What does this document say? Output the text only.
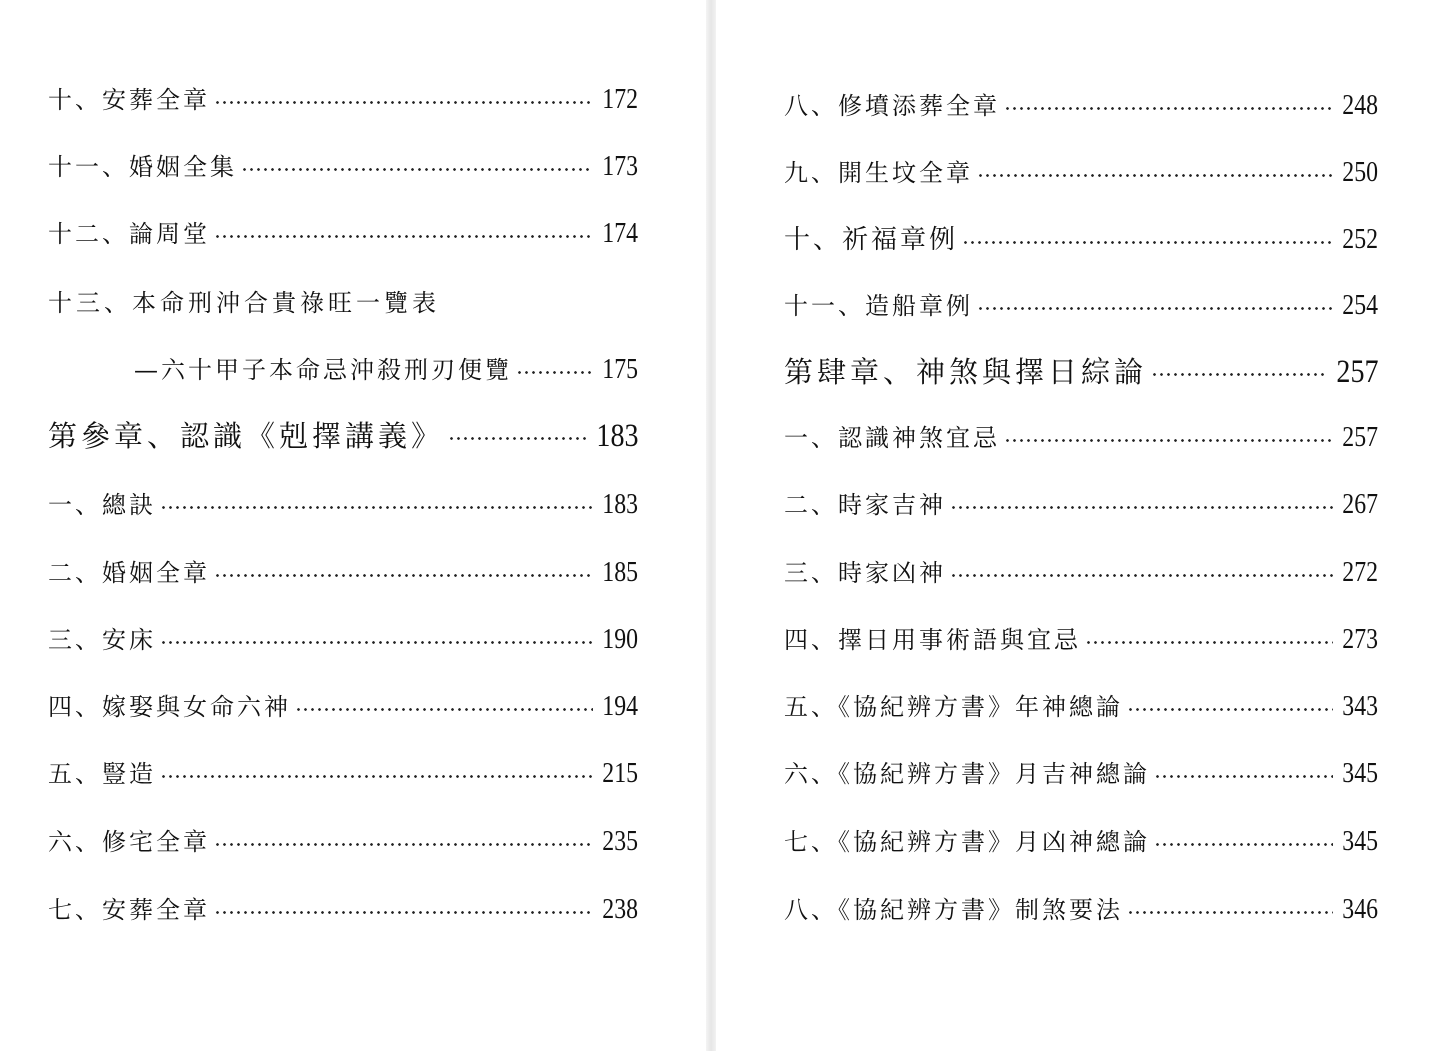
十、安葬全章	172
十一、婚姻全集	173
十二、論周堂	174
十三、本命刑沖合貴祿旺一覽表
—六十甲子本命忌沖殺刑刃便覽	175
第參章、認識《剋擇講義》	183
一、總訣	183
二、婚姻全章	185
三、安床	190
四、嫁娶與女命六神	194
五、豎造	215
六、修宅全章	235
七、安葬全章	238
八、修墳添葬全章	248
九、開生坟全章	250
十、祈福章例	252
十一、造船章例	254
第肆章、神煞與擇日綜論	257
一、認識神煞宜忌	257
二、時家吉神	267
三、時家凶神	272
四、擇日用事術語與宜忌	273
五、《協紀辨方書》年神總論	343
六、《協紀辨方書》月吉神總論	345
七、《協紀辨方書》月凶神總論	345
八、《協紀辨方書》制煞要法	346
